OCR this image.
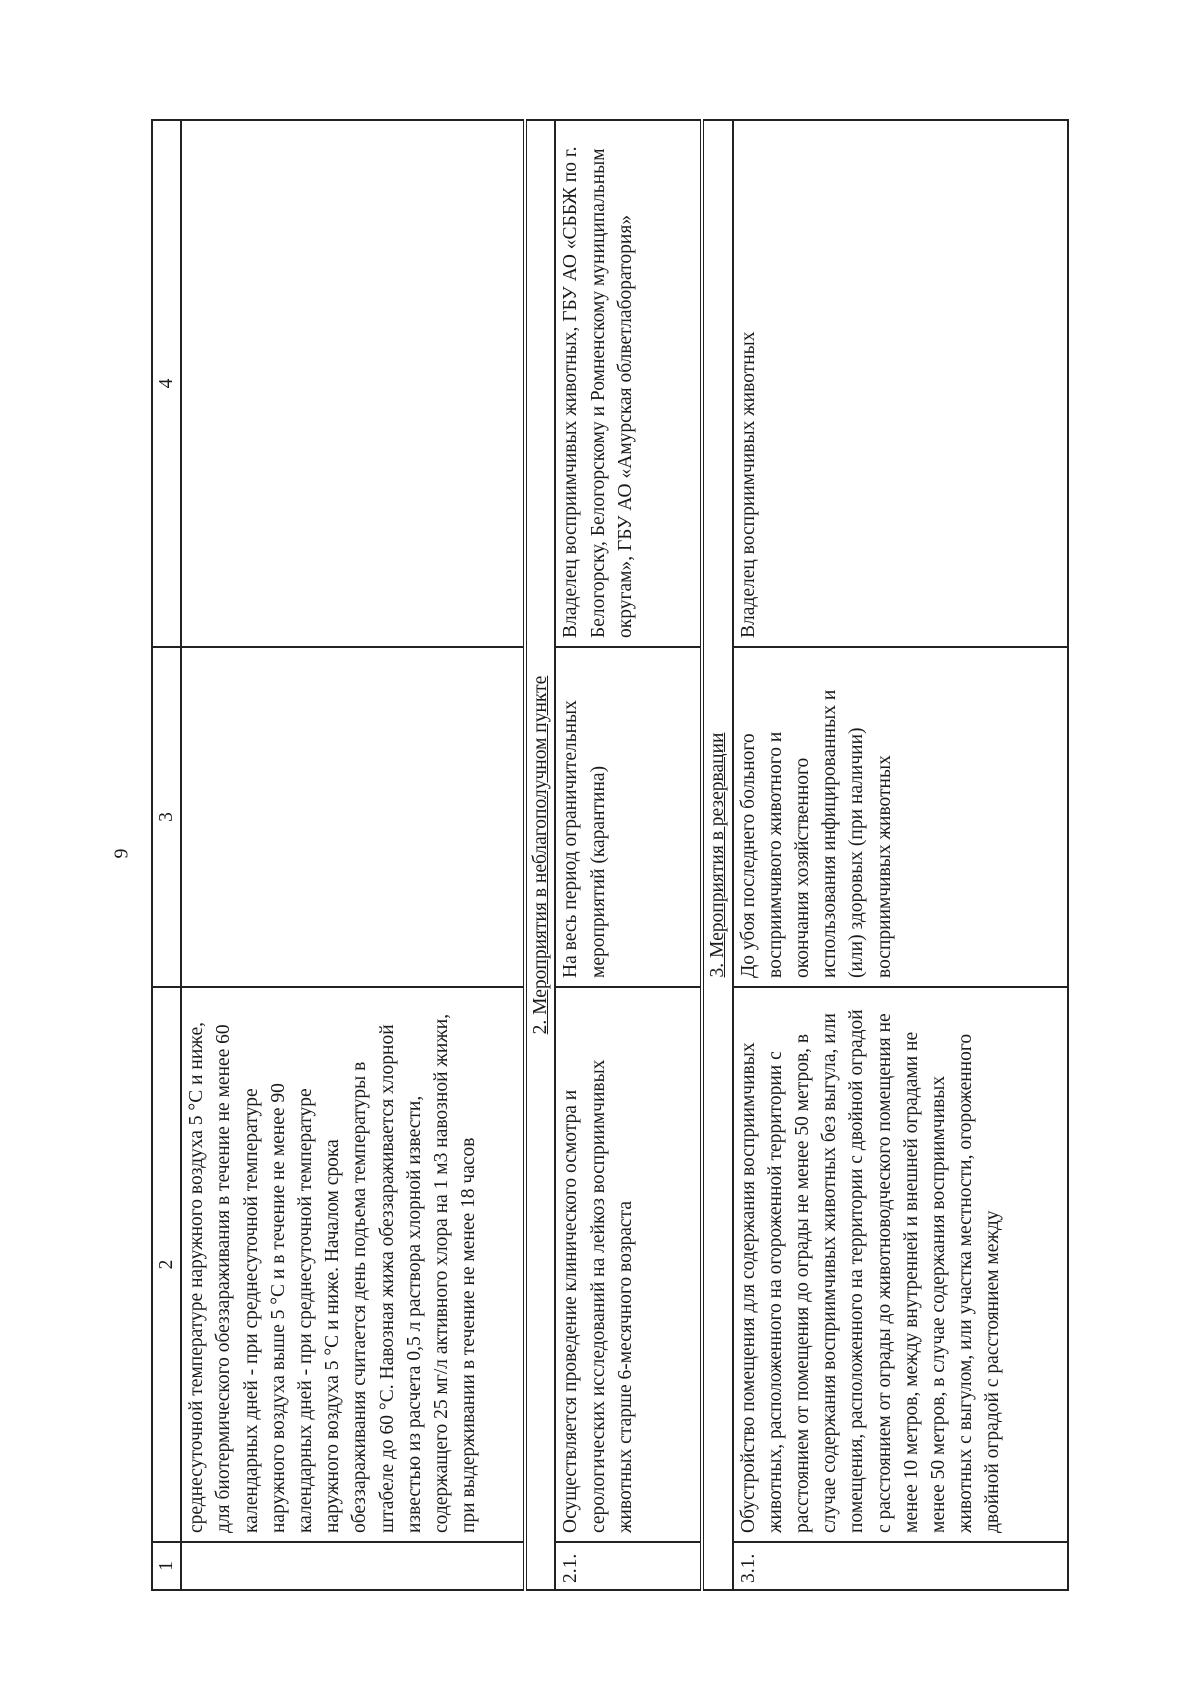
9
1	2	3	4
	среднесуточной температуре наружного воздуха 5 °С и ниже, для биотермического обеззараживания в течение не менее 60 календарных дней - при среднесуточной температуре наружного воздуха выше 5 °С и в течение не менее 90 календарных дней - при среднесуточной температуре наружного воздуха 5 °С и ниже. Началом срока обеззараживания считается день подъема температуры в штабеле до 60 °С. Навозная жижа обеззараживается хлорной известью из расчета 0,5 л раствора хлорной извести, содержащего 25 мг/л активного хлора на 1 м3 навозной жижи, при выдерживании в течение не менее 18 часов		
2. Мероприятия в неблагополучном пункте			
2.1.	Осуществляется проведение клинического осмотра и серологических исследований на лейкоз восприимчивых животных старше 6-месячного возраста	На весь период ограничительных мероприятий (карантина)	Владелец восприимчивых животных, ГБУ АО «СББЖ по г. Белогорску, Белогорскому и Ромненскому муниципальным округам», ГБУ АО «Амурская облветлаборатория»
3. Мероприятия в резервации			
3.1.	Обустройство помещения для содержания восприимчивых животных, расположенного на огороженной территории с расстоянием от помещения до ограды не менее 50 метров, в случае содержания восприимчивых животных без выгула, или помещения, расположенного на территории с двойной оградой с расстоянием от ограды до животноводческого помещения не менее 10 метров, между внутренней и внешней оградами не менее 50 метров, в случае содержания восприимчивых животных с выгулом, или участка местности, огороженного двойной оградой с расстоянием между	До убоя последнего больного восприимчивого животного и окончания хозяйственного использования инфицированных и (или) здоровых (при наличии) восприимчивых животных	Владелец восприимчивых животных
